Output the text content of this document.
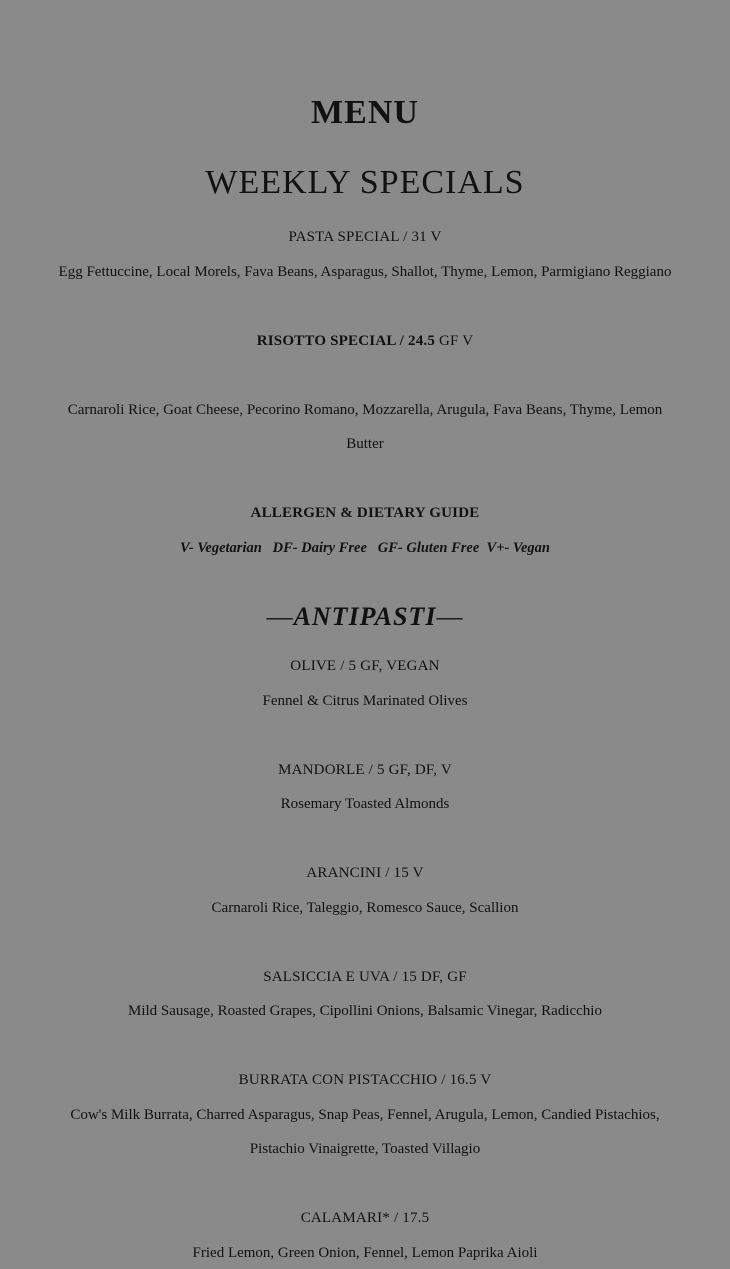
MENU
WEEKLY SPECIALS
PASTA SPECIAL / 31 V
Egg Fettuccine, Local Morels, Fava Beans, Asparagus, Shallot, Thyme, Lemon, Parmigiano Reggiano
RISOTTO SPECIAL / 24.5 GF V
Carnaroli Rice, Goat Cheese, Pecorino Romano, Mozzarella, Arugula, Fava Beans, Thyme, Lemon
Butter
ALLERGEN & DIETARY GUIDE
V- Vegetarian   DF- Dairy Free   GF- Gluten Free  V+- Vegan
—ANTIPASTI—
OLIVE / 5 GF, VEGAN
Fennel & Citrus Marinated Olives
MANDORLE / 5 GF, DF, V
Rosemary Toasted Almonds
ARANCINI / 15 V
Carnaroli Rice, Taleggio, Romesco Sauce, Scallion
SALSICCIA E UVA / 15 DF, GF
Mild Sausage, Roasted Grapes, Cipollini Onions, Balsamic Vinegar, Radicchio
BURRATA CON PISTACCHIO / 16.5 V
Cow's Milk Burrata, Charred Asparagus, Snap Peas, Fennel, Arugula, Lemon, Candied Pistachios,
Pistachio Vinaigrette, Toasted Villagio
CALAMARI* / 17.5
Fried Lemon, Green Onion, Fennel, Lemon Paprika Aioli
